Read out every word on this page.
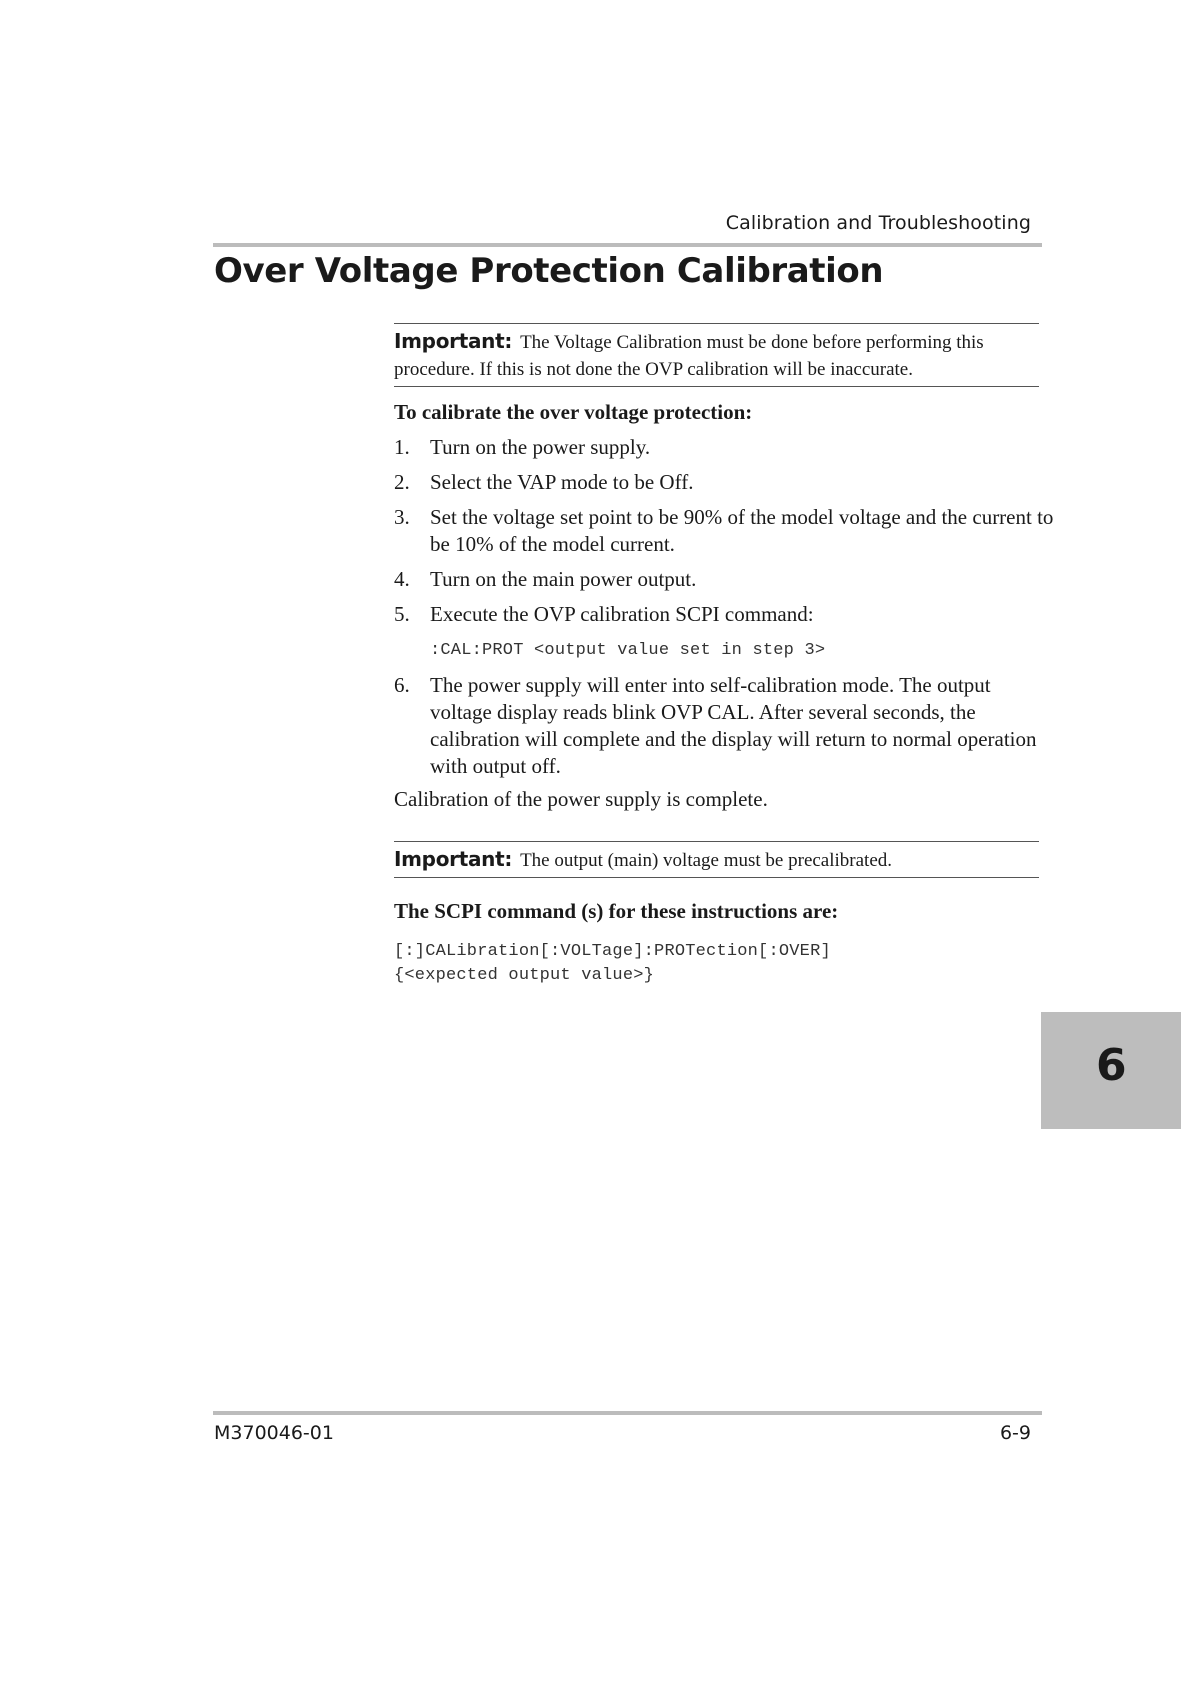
Calibration and Troubleshooting
Over Voltage Protection Calibration
Important: The Voltage Calibration must be done before performing this procedure. If this is not done the OVP calibration will be inaccurate.
To calibrate the over voltage protection:
1. Turn on the power supply.
2. Select the VAP mode to be Off.
3. Set the voltage set point to be 90% of the model voltage and the current to be 10% of the model current.
4. Turn on the main power output.
5. Execute the OVP calibration SCPI command:
:CAL:PROT <output value set in step 3>
6. The power supply will enter into self-calibration mode. The output voltage display reads blink OVP CAL. After several seconds, the calibration will complete and the display will return to normal operation with output off.
Calibration of the power supply is complete.
Important: The output (main) voltage must be precalibrated.
The SCPI command (s) for these instructions are:
[:]CALibration[:VOLTage]:PROTection[:OVER]
{<expected output value>}
6
M370046-01	6-9
